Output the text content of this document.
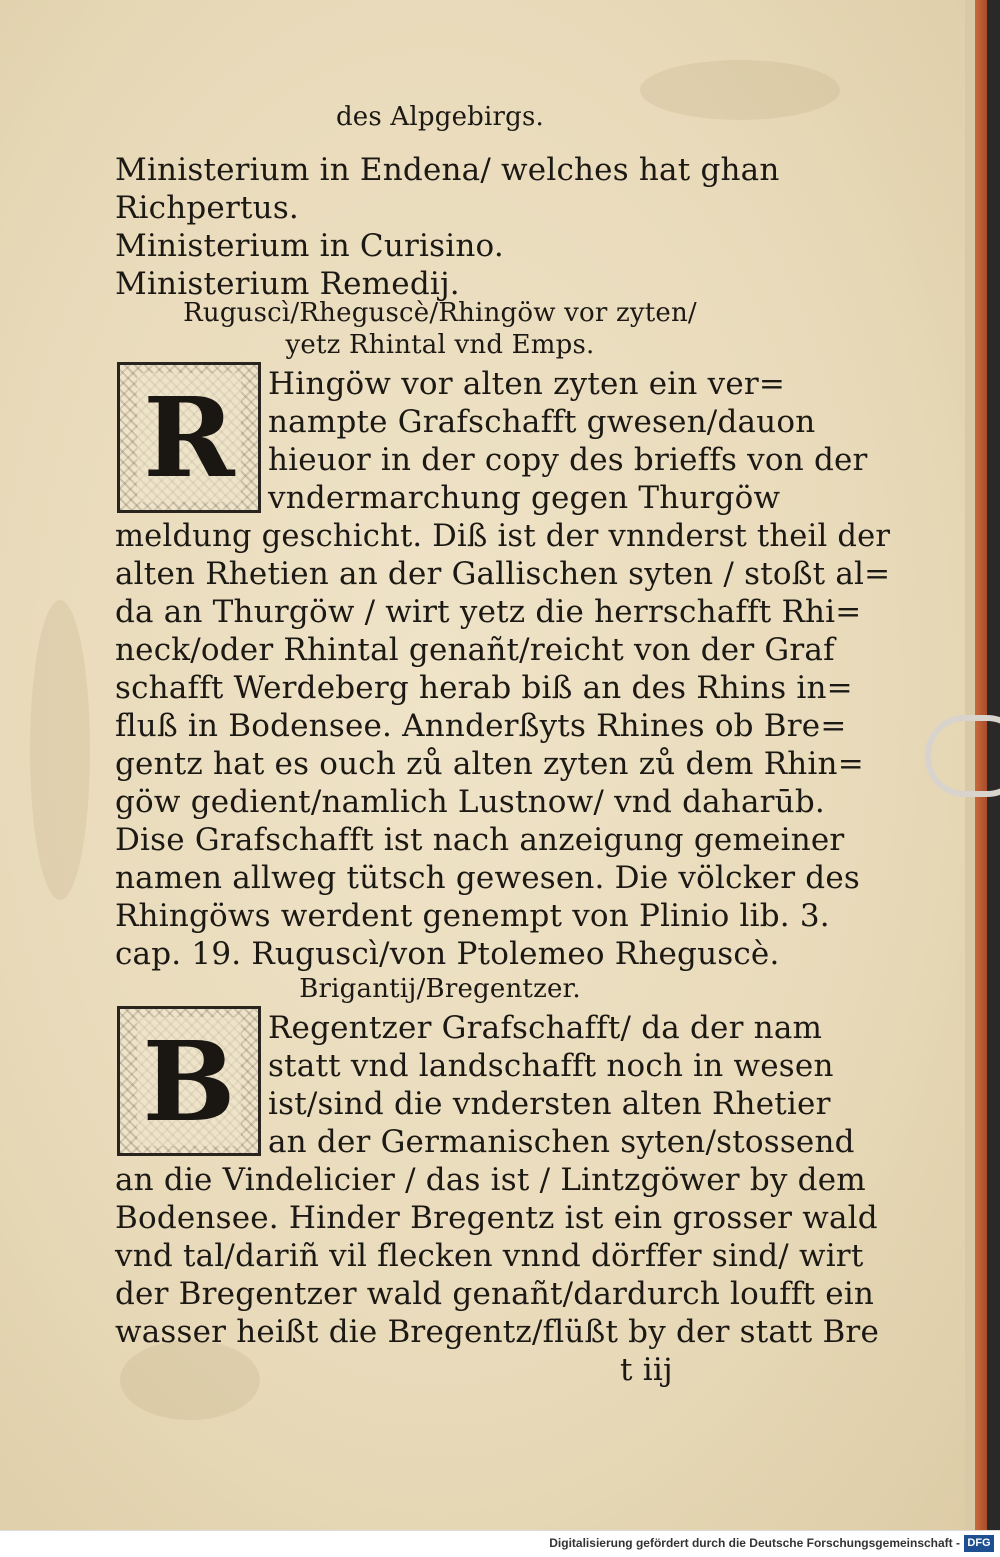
des Alpgebirgs.
Ministerium in Endena/ welches hat ghan
Richpertus.
Ministerium in Curisino.
Ministerium Remedij.
Ruguscì/Rheguscè/Rhingöw vor zyten/
yetz Rhintal vnd Emps.
R Hingöw vor alten zyten ein ver=
nampte Grafschafft gwesen/dauon
hieuor in der copy des brieffs von der
vndermarchung gegen Thurgöw
meldung geschicht. Diß ist der vnnderst theil der
alten Rhetien an der Gallischen syten / stoßt al=
da an Thurgöw / wirt yetz die herrschafft Rhi=
neck/oder Rhintal genañt/reicht von der Graf
schafft Werdeberg herab biß an des Rhins in=
fluß in Bodensee. Annderßyts Rhines ob Bre=
gentz hat es ouch zů alten zyten zů dem Rhin=
göw gedient/namlich Lustnow/ vnd daharūb.
Dise Grafschafft ist nach anzeigung gemeiner
namen allweg tütsch gewesen. Die völcker des
Rhingöws werdent genempt von Plinio lib. 3.
cap. 19. Ruguscì/von Ptolemeo Rheguscè.
Brigantij/Bregentzer.
B Regentzer Grafschafft/ da der nam
statt vnd landschafft noch in wesen
ist/sind die vndersten alten Rhetier
an der Germanischen syten/stossend
an die Vindelicier / das ist / Lintzgöwer by dem
Bodensee. Hinder Bregentz ist ein grosser wald
vnd tal/dariñ vil flecken vnnd dörffer sind/ wirt
der Bregentzer wald genañt/dardurch loufft ein
wasser heißt die Bregentz/flüßt by der statt Bre
t iij
Digitalisierung gefördert durch die Deutsche Forschungsgemeinschaft - DFG
